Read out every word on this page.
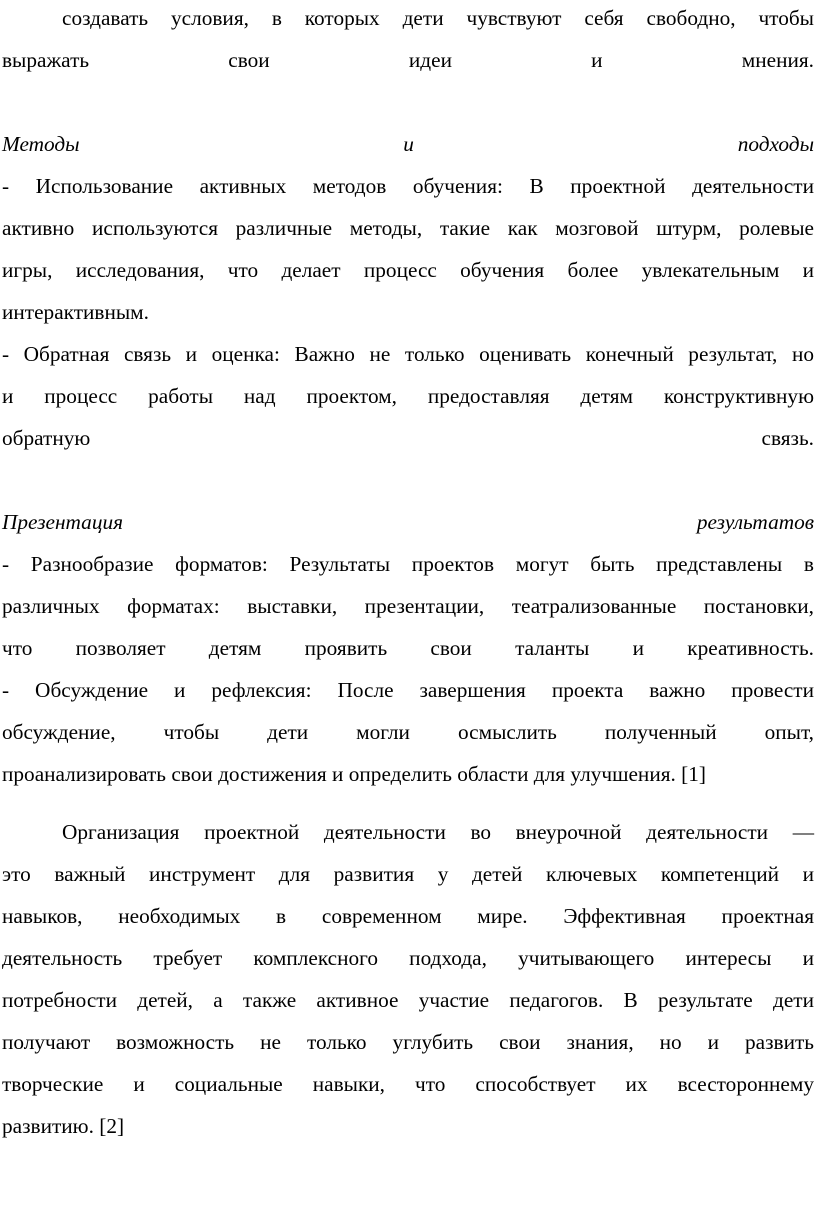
создавать условия, в которых дети чувствуют себя свободно, чтобы
выражать свои идеи и мнения.
Методы и подходы
- Использование активных методов обучения: В проектной деятельности
активно используются различные методы, такие как мозговой штурм, ролевые
игры, исследования, что делает процесс обучения более увлекательным и
интерактивным.
- Обратная связь и оценка: Важно не только оценивать конечный результат, но
и процесс работы над проектом, предоставляя детям конструктивную
обратную связь.
Презентация результатов
- Разнообразие форматов: Результаты проектов могут быть представлены в
различных форматах: выставки, презентации, театрализованные постановки,
что позволяет детям проявить свои таланты и креативность.
- Обсуждение и рефлексия: После завершения проекта важно провести
обсуждение, чтобы дети могли осмыслить полученный опыт,
проанализировать свои достижения и определить области для улучшения. [1]
Организация проектной деятельности во внеурочной деятельности —
это важный инструмент для развития у детей ключевых компетенций и
навыков, необходимых в современном мире. Эффективная проектная
деятельность требует комплексного подхода, учитывающего интересы и
потребности детей, а также активное участие педагогов. В результате дети
получают возможность не только углубить свои знания, но и развить
творческие и социальные навыки, что способствует их всестороннему
развитию. [2]
